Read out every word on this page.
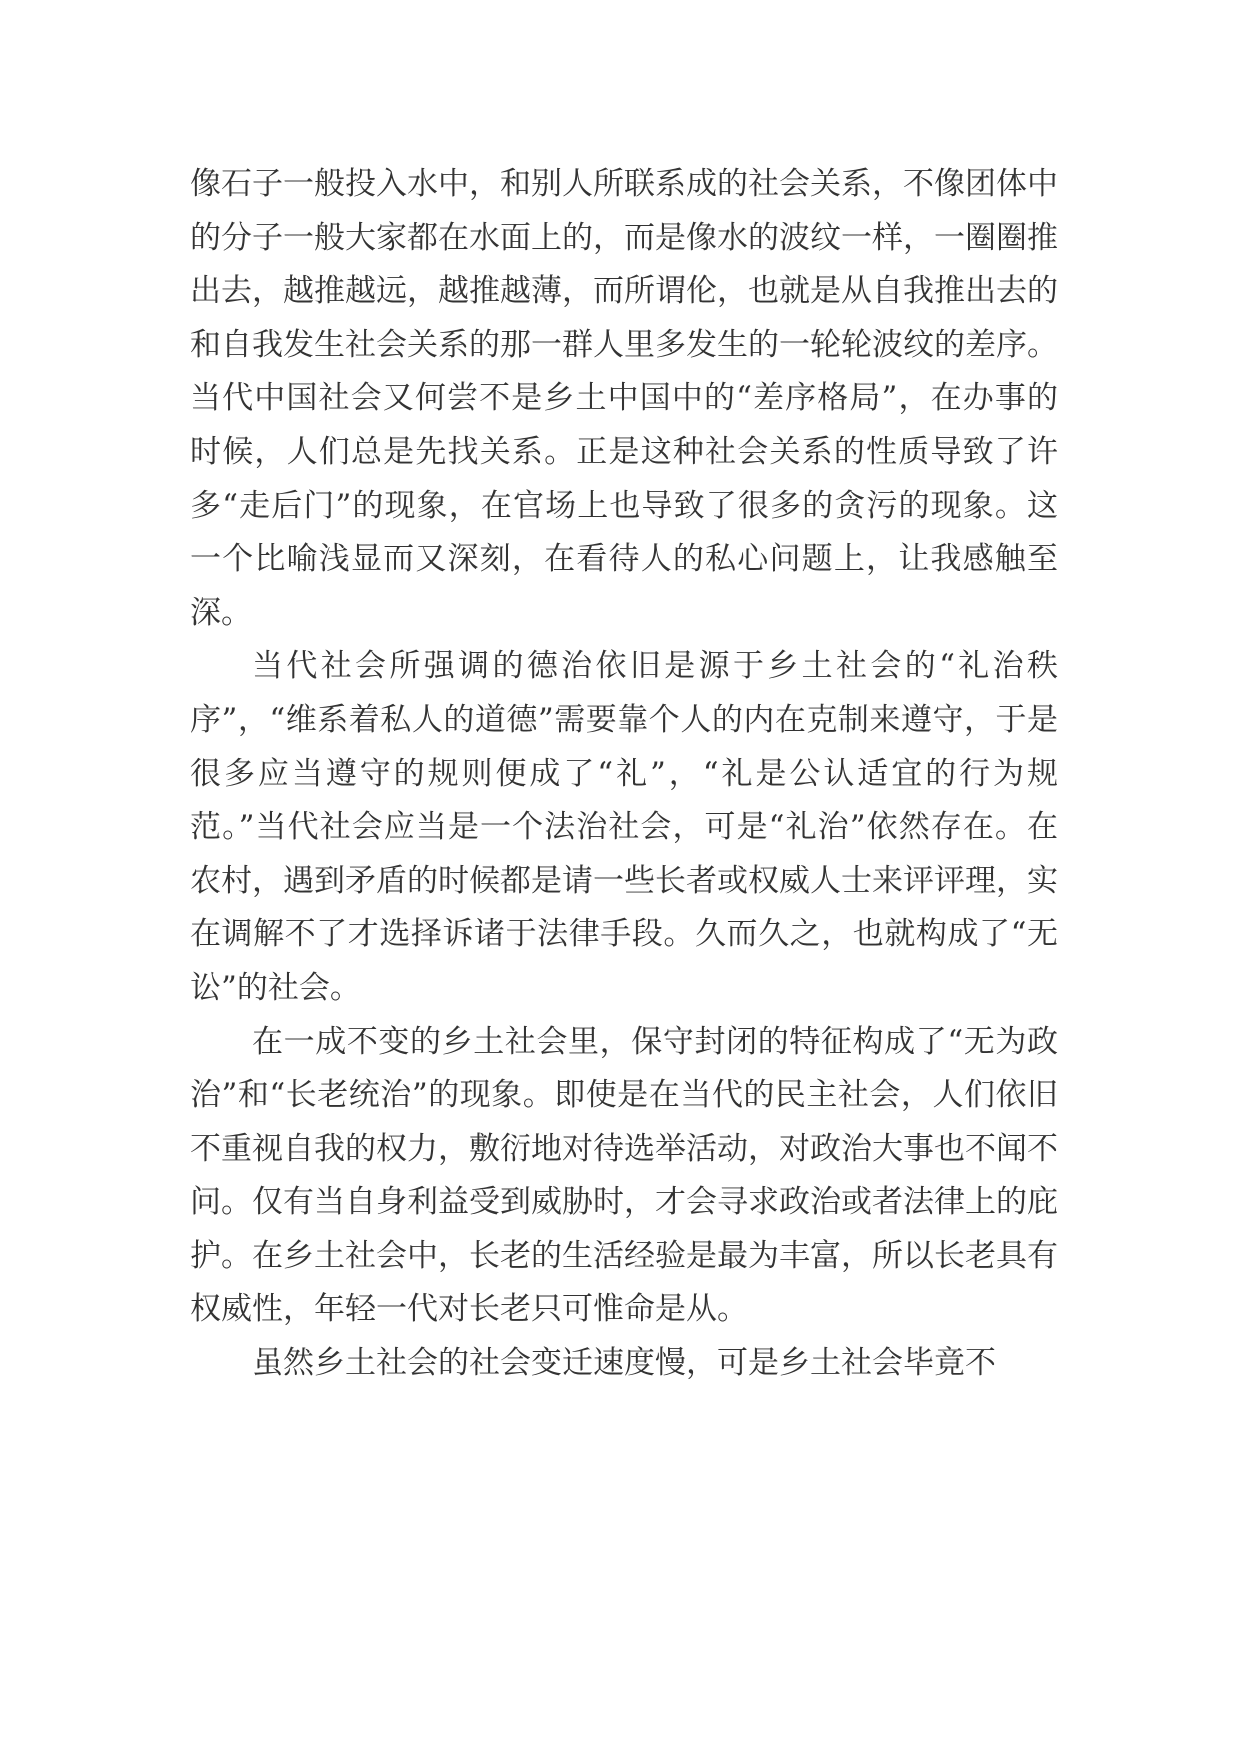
像石子一般投入水中，和别人所联系成的社会关系，不像团体中的分子一般大家都在水面上的，而是像水的波纹一样，一圈圈推出去，越推越远，越推越薄，而所谓伦，也就是从自我推出去的和自我发生社会关系的那一群人里多发生的一轮轮波纹的差序。当代中国社会又何尝不是乡土中国中的“差序格局”，在办事的时候，人们总是先找关系。正是这种社会关系的性质导致了许多“走后门”的现象，在官场上也导致了很多的贪污的现象。这一个比喻浅显而又深刻，在看待人的私心问题上，让我感触至深。

当代社会所强调的德治依旧是源于乡土社会的“礼治秩序”，“维系着私人的道德”需要靠个人的内在克制来遵守，于是很多应当遵守的规则便成了“礼”，“礼是公认适宜的行为规范。”当代社会应当是一个法治社会，可是“礼治”依然存在。在农村，遇到矛盾的时候都是请一些长者或权威人士来评评理，实在调解不了才选择诉诸于法律手段。久而久之，也就构成了“无讼”的社会。

在一成不变的乡土社会里，保守封闭的特征构成了“无为政治”和“长老统治”的现象。即使是在当代的民主社会，人们依旧不重视自我的权力，敷衍地对待选举活动，对政治大事也不闻不问。仅有当自身利益受到威胁时，才会寻求政治或者法律上的庇护。在乡土社会中，长老的生活经验是最为丰富，所以长老具有权威性，年轻一代对长老只可惟命是从。

虽然乡土社会的社会变迁速度慢，可是乡土社会毕竟不
